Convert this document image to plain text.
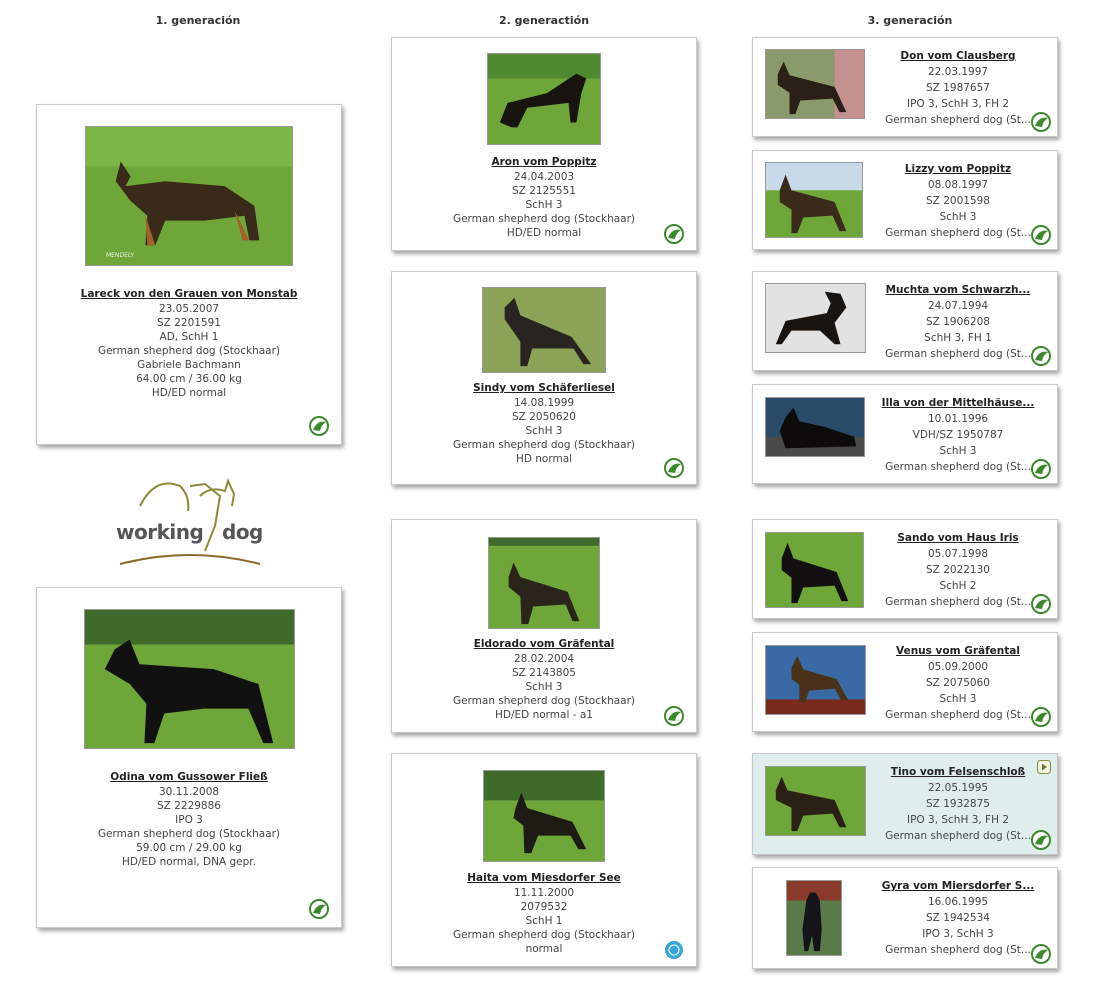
1. generación	2. generactión	3. generación
MENDELY
Lareck von den Grauen von Monstab
23.05.2007
SZ 2201591
AD, SchH 1
German shepherd dog (Stockhaar)
Gabriele Bachmann
64.00 cm / 36.00 kg
HD/ED normal
working dog
Odina vom Gussower Fließ
30.11.2008
SZ 2229886
IPO 3
German shepherd dog (Stockhaar)
59.00 cm / 29.00 kg
HD/ED normal, DNA gepr.
Aron vom Poppitz
24.04.2003
SZ 2125551
SchH 3
German shepherd dog (Stockhaar)
HD/ED normal
Sindy vom Schäferliesel
14.08.1999
SZ 2050620
SchH 3
German shepherd dog (Stockhaar)
HD normal
Eldorado vom Gräfental
28.02.2004
SZ 2143805
SchH 3
German shepherd dog (Stockhaar)
HD/ED normal - a1
Haita vom Miesdorfer See
11.11.2000
2079532
SchH 1
German shepherd dog (Stockhaar)
normal
Don vom Clausberg
22.03.1997
SZ 1987657
IPO 3, SchH 3, FH 2
German shepherd dog (St...
Lizzy vom Poppitz
08.08.1997
SZ 2001598
SchH 3
German shepherd dog (St...
Muchta vom Schwarzh...
24.07.1994
SZ 1906208
SchH 3, FH 1
German shepherd dog (St...
Illa von der Mittelhäuse...
10.01.1996
VDH/SZ 1950787
SchH 3
German shepherd dog (St...
Sando vom Haus Iris
05.07.1998
SZ 2022130
SchH 2
German shepherd dog (St...
Venus vom Gräfental
05.09.2000
SZ 2075060
SchH 3
German shepherd dog (St...
Tino vom Felsenschloß
22.05.1995
SZ 1932875
IPO 3, SchH 3, FH 2
German shepherd dog (St...
Gyra vom Miersdorfer S...
16.06.1995
SZ 1942534
IPO 3, SchH 3
German shepherd dog (St...
